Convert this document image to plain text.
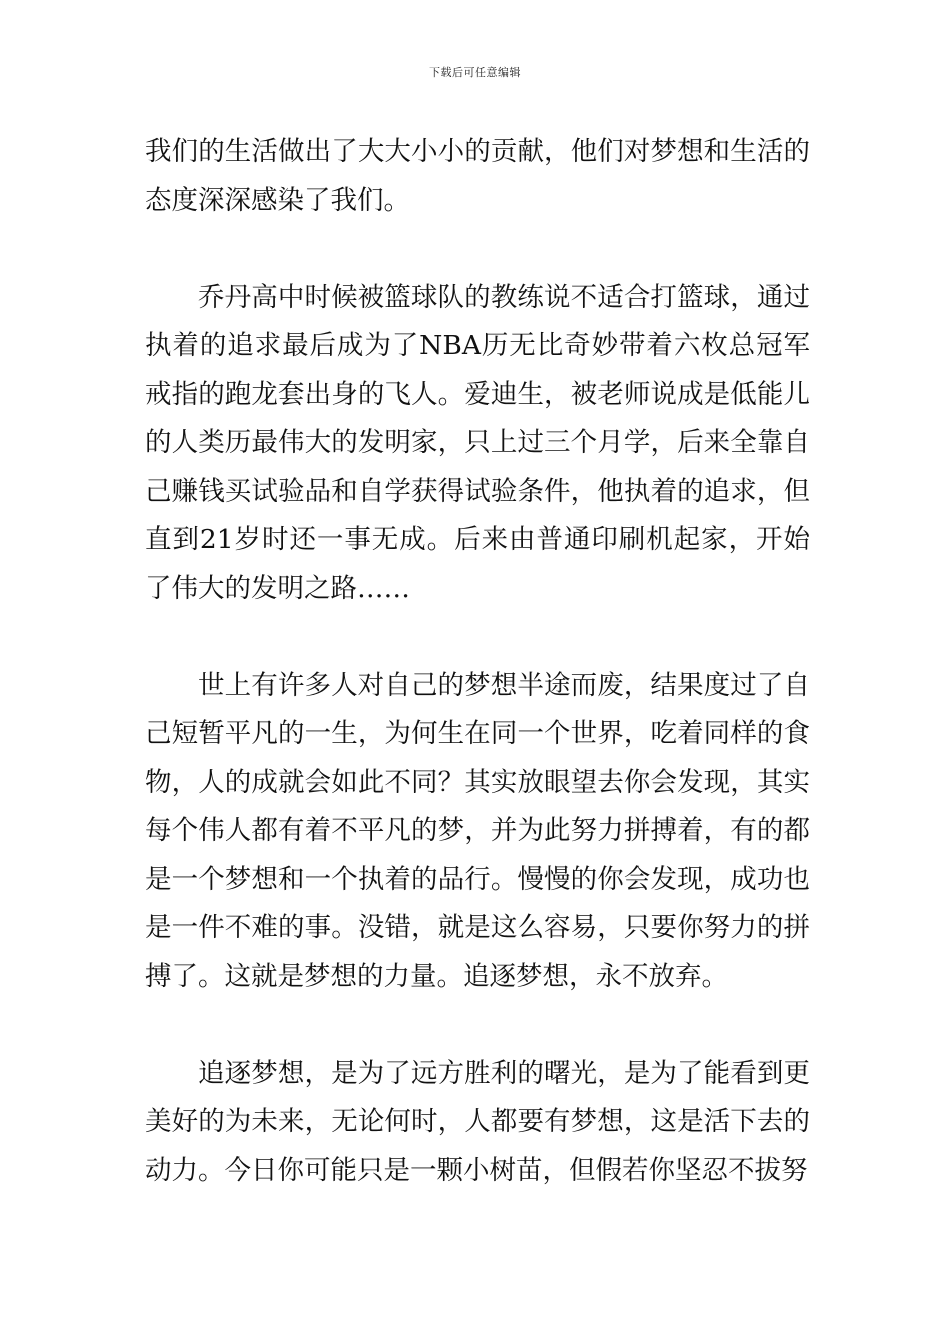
下载后可任意编辑

我们的生活做出了大大小小的贡献，他们对梦想和生活的态度深深感染了我们。

乔丹高中时候被篮球队的教练说不适合打篮球，通过执着的追求最后成为了NBA历无比奇妙带着六枚总冠军戒指的跑龙套出身的飞人。爱迪生，被老师说成是低能儿的人类历最伟大的发明家，只上过三个月学，后来全靠自己赚钱买试验品和自学获得试验条件，他执着的追求，但直到21岁时还一事无成。后来由普通印刷机起家，开始了伟大的发明之路……

世上有许多人对自己的梦想半途而废，结果度过了自己短暂平凡的一生，为何生在同一个世界，吃着同样的食物，人的成就会如此不同？其实放眼望去你会发现，其实每个伟人都有着不平凡的梦，并为此努力拼搏着，有的都是一个梦想和一个执着的品行。慢慢的你会发现，成功也是一件不难的事。没错，就是这么容易，只要你努力的拼搏了。这就是梦想的力量。追逐梦想，永不放弃。

追逐梦想，是为了远方胜利的曙光，是为了能看到更美好的为未来，无论何时，人都要有梦想，这是活下去的动力。今日你可能只是一颗小树苗，但假若你坚忍不拔努
